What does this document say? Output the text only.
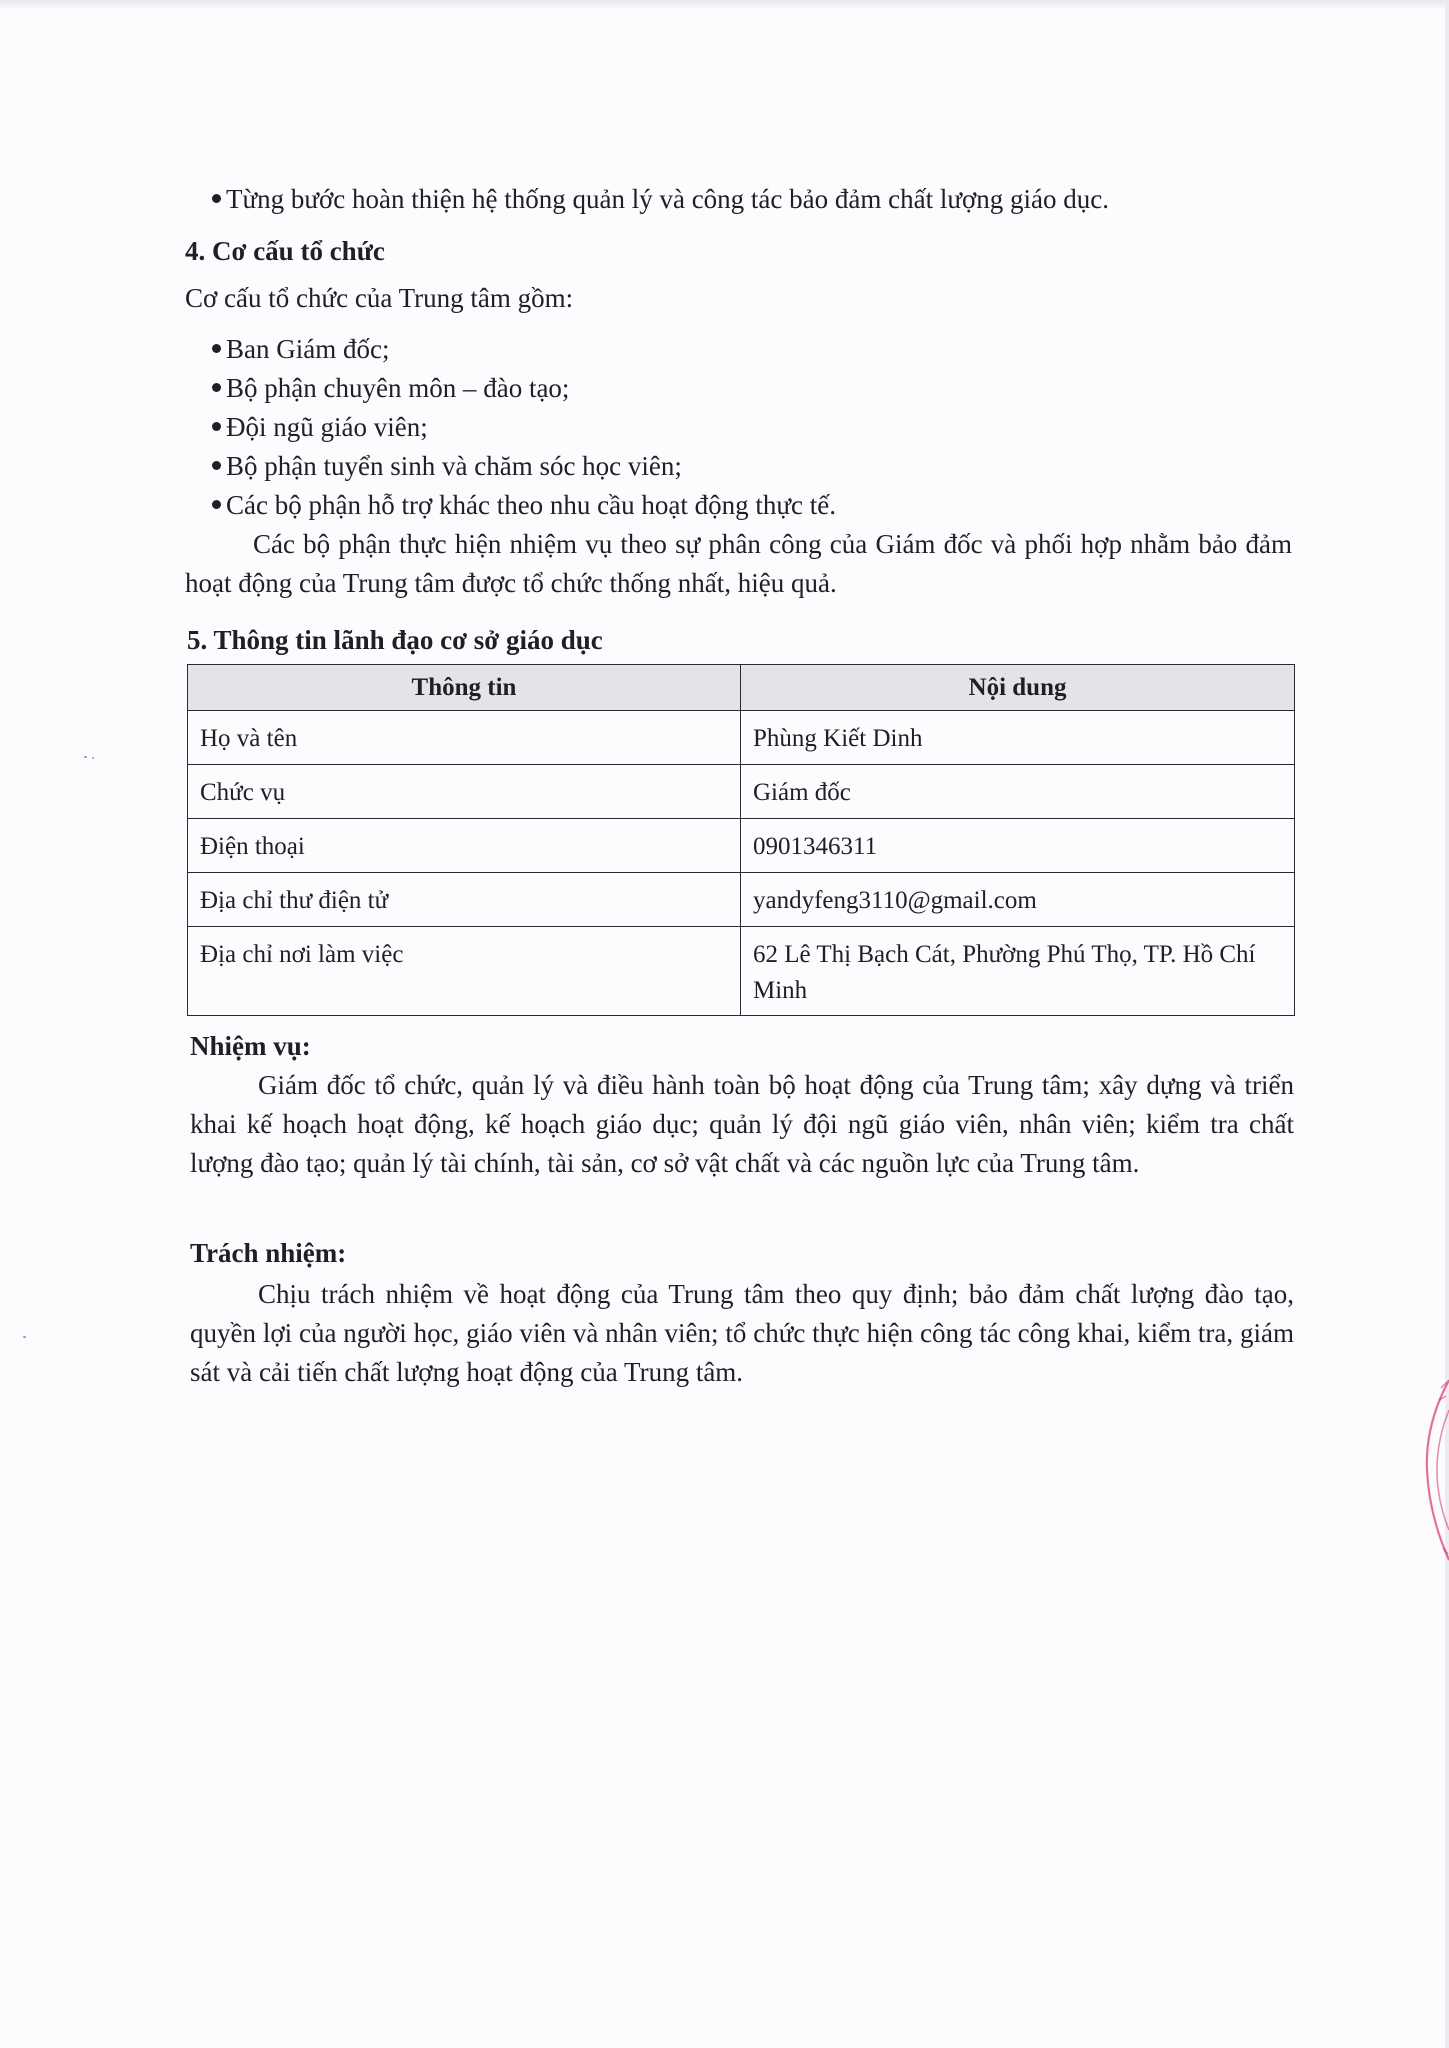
Từng bước hoàn thiện hệ thống quản lý và công tác bảo đảm chất lượng giáo dục.

4. Cơ cấu tổ chức

Cơ cấu tổ chức của Trung tâm gồm:

Ban Giám đốc;

Bộ phận chuyên môn – đào tạo;

Đội ngũ giáo viên;

Bộ phận tuyển sinh và chăm sóc học viên;

Các bộ phận hỗ trợ khác theo nhu cầu hoạt động thực tế.

Các bộ phận thực hiện nhiệm vụ theo sự phân công của Giám đốc và phối hợp nhằm bảo đảm hoạt động của Trung tâm được tổ chức thống nhất, hiệu quả.

5. Thông tin lãnh đạo cơ sở giáo dục

Thông tin	Nội dung
Họ và tên	Phùng Kiết Dinh
Chức vụ	Giám đốc
Điện thoại	0901346311
Địa chỉ thư điện tử	yandyfeng3110@gmail.com
Địa chỉ nơi làm việc	62 Lê Thị Bạch Cát, Phường Phú Thọ, TP. Hồ Chí Minh

Nhiệm vụ:

Giám đốc tổ chức, quản lý và điều hành toàn bộ hoạt động của Trung tâm; xây dựng và triển khai kế hoạch hoạt động, kế hoạch giáo dục; quản lý đội ngũ giáo viên, nhân viên; kiểm tra chất lượng đào tạo; quản lý tài chính, tài sản, cơ sở vật chất và các nguồn lực của Trung tâm.

Trách nhiệm:

Chịu trách nhiệm về hoạt động của Trung tâm theo quy định; bảo đảm chất lượng đào tạo, quyền lợi của người học, giáo viên và nhân viên; tổ chức thực hiện công tác công khai, kiểm tra, giám sát và cải tiến chất lượng hoạt động của Trung tâm.
